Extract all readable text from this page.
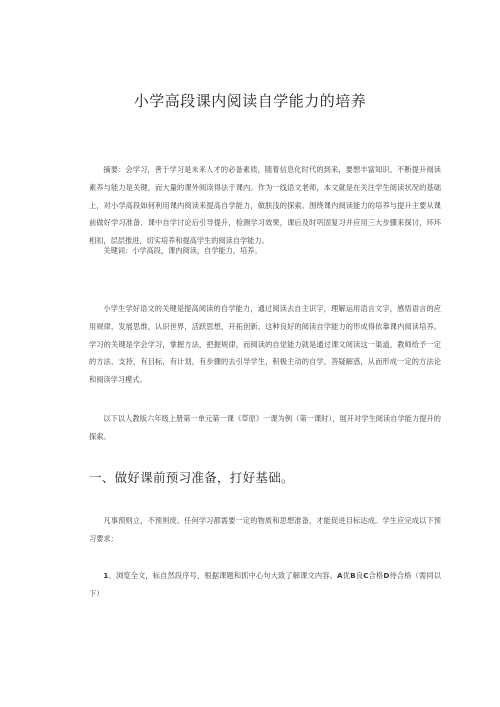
小学高段课内阅读自学能力的培养

摘要：会学习，善于学习是未来人才的必备素质，随着信息化时代的到来，要想丰富知识，不断提升阅读素养与能力是关键，而大量的课外阅读得法于课内。作为一线语文老师，本文就是在关注学生阅读状况的基础上，对小学高段如何利用课内阅读来提高自学能力，做肤浅的探索。围绕课内阅读能力的培养与提升主要从课前做好学习准备、课中自学讨论后引导提升，检测学习效果，课后及时巩固复习并应用三大步骤来探讨，环环相扣，层层推进，切实培养和提高学生的阅读自学能力。

关键词：小学高段，课内阅读，自学能力，培养。

小学生学好语文的关键是提高阅读的自学能力，通过阅读去自主识字，理解运用语言文字，感悟语言的应用规律，发展思维，认识世界，活跃思想，开拓创新。这种良好的阅读自学能力的形成得依靠课内阅读培养。学习的关键是学会学习，掌握方法，把握规律，而阅读的自觉能力就是通过课文阅读这一渠道，教师给予一定的方法、支持，有目标，有计划，有步骤的去引导学生，积极主动的自学，答疑解惑，从而形成一定的方法论和阅读学习模式。

以下以人教版六年级上册第一单元第一课《草原》一课为例（第一课时），展开对学生阅读自学能力提升的探索。

一、做好课前预习准备，打好基础。

凡事预则立，不预则废。任何学习都需要一定的物质和思想准备，才能促进目标达成。学生应完成以下预习要求：

1、浏览全文，标自然段序号，根据课题和抓中心句大致了解课文内容。A优B良C合格D待合格（需同以下）
